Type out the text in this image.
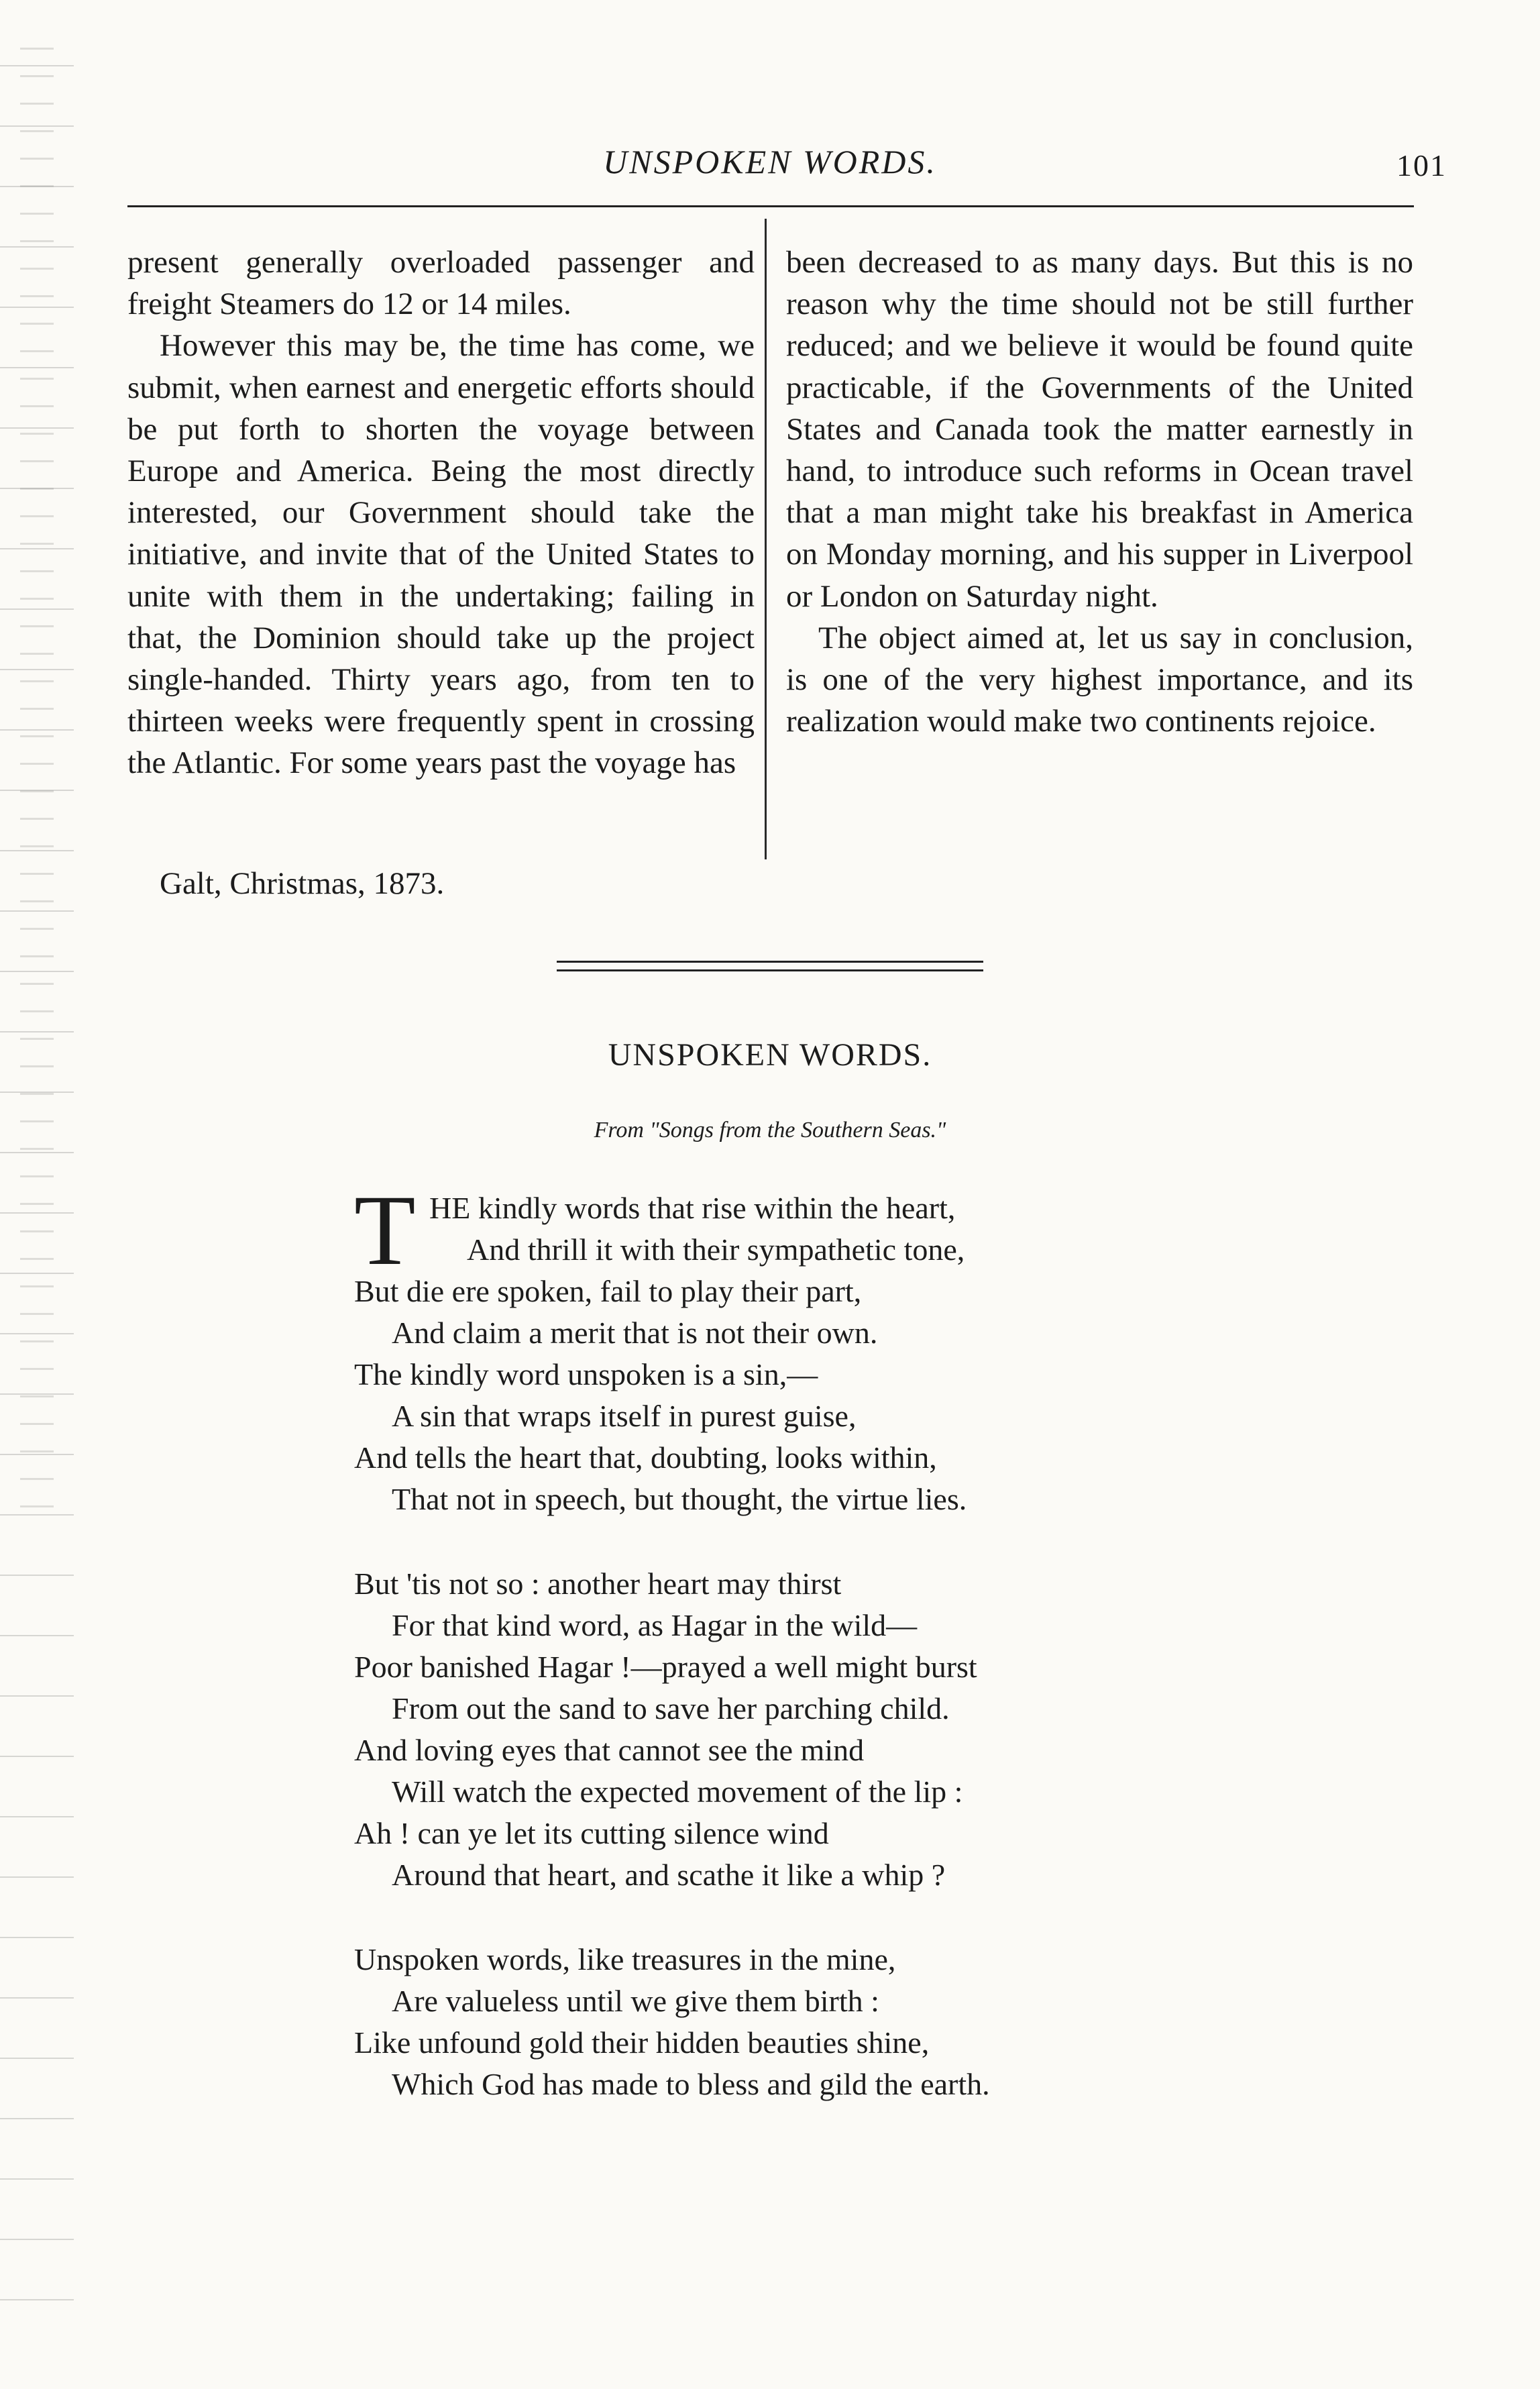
UNSPOKEN WORDS.	101

present generally overloaded passenger and freight Steamers do 12 or 14 miles.

However this may be, the time has come, we submit, when earnest and energetic efforts should be put forth to shorten the voyage between Europe and America. Being the most directly interested, our Government should take the initiative, and invite that of the United States to unite with them in the undertaking; failing in that, the Dominion should take up the project single-handed. Thirty years ago, from ten to thirteen weeks were frequently spent in crossing the Atlantic. For some years past the voyage has

been decreased to as many days. But this is no reason why the time should not be still further reduced; and we believe it would be found quite practicable, if the Governments of the United States and Canada took the matter earnestly in hand, to introduce such reforms in Ocean travel that a man might take his breakfast in America on Monday morning, and his supper in Liverpool or London on Saturday night.

The object aimed at, let us say in conclusion, is one of the very highest importance, and its realization would make two continents rejoice.

Galt, Christmas, 1873.
UNSPOKEN WORDS.
From "Songs from the Southern Seas."
T HE kindly words that rise within the heart,
And thrill it with their sympathetic tone,
But die ere spoken, fail to play their part,
And claim a merit that is not their own.
The kindly word unspoken is a sin,—
A sin that wraps itself in purest guise,
And tells the heart that, doubting, looks within,
That not in speech, but thought, the virtue lies.
But 'tis not so : another heart may thirst
For that kind word, as Hagar in the wild—
Poor banished Hagar !—prayed a well might burst
From out the sand to save her parching child.
And loving eyes that cannot see the mind
Will watch the expected movement of the lip :
Ah ! can ye let its cutting silence wind
Around that heart, and scathe it like a whip ?
Unspoken words, like treasures in the mine,
Are valueless until we give them birth :
Like unfound gold their hidden beauties shine,
Which God has made to bless and gild the earth.
